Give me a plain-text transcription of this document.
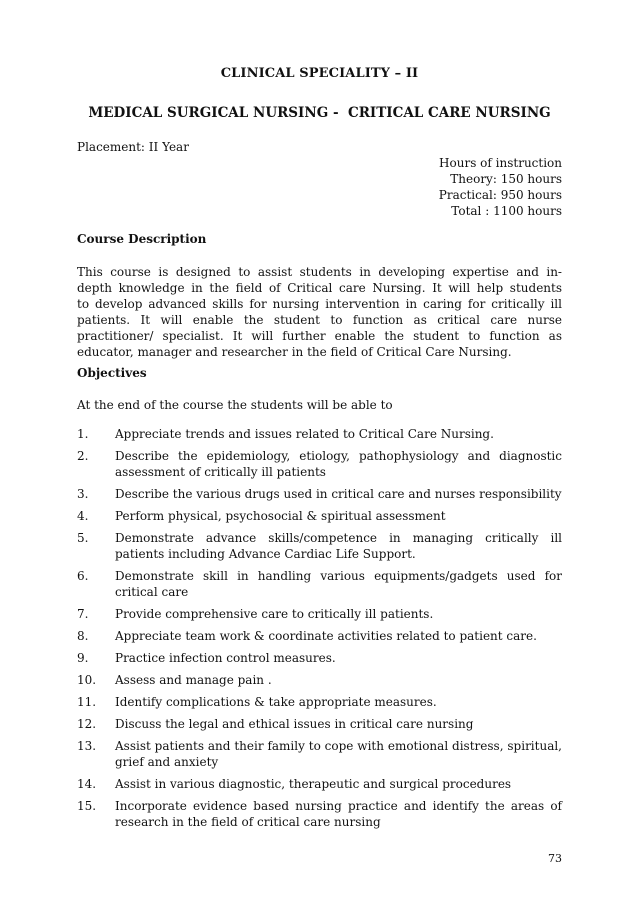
CLINICAL SPECIALITY – II
MEDICAL SURGICAL NURSING -  CRITICAL CARE NURSING
Placement: II Year
Hours of instruction
Theory: 150 hours
Practical: 950 hours
Total : 1100 hours
Course Description
This course is designed to assist students in developing expertise and in-
depth knowledge in the field of Critical care Nursing. It will help students
to develop advanced skills for nursing intervention in caring for critically ill
patients. It will enable the student to function as critical care nurse
practitioner/ specialist. It will further enable the student to function as
educator, manager and researcher in the field of Critical Care Nursing.
Objectives
At the end of the course the students will be able to
1.	Appreciate trends and issues related to Critical Care Nursing.
2.	Describe the epidemiology, etiology, pathophysiology and diagnostic assessment of critically ill patients
3.	Describe the various drugs used in critical care and nurses responsibility
4.	Perform physical, psychosocial & spiritual assessment
5.	Demonstrate advance skills/competence in managing critically ill patients including Advance Cardiac Life Support.
6.	Demonstrate skill in handling various equipments/gadgets used for critical care
7.	Provide comprehensive care to critically ill patients.
8.	Appreciate team work & coordinate activities related to patient care.
9.	Practice infection control measures.
10.	Assess and manage pain .
11.	Identify complications & take appropriate measures.
12.	Discuss the legal and ethical issues in critical care nursing
13.	Assist patients and their family to cope with emotional distress, spiritual, grief and anxiety
14.	Assist in various diagnostic, therapeutic and surgical procedures
15.	Incorporate evidence based nursing practice and identify the areas of research in the field of critical care nursing
73
